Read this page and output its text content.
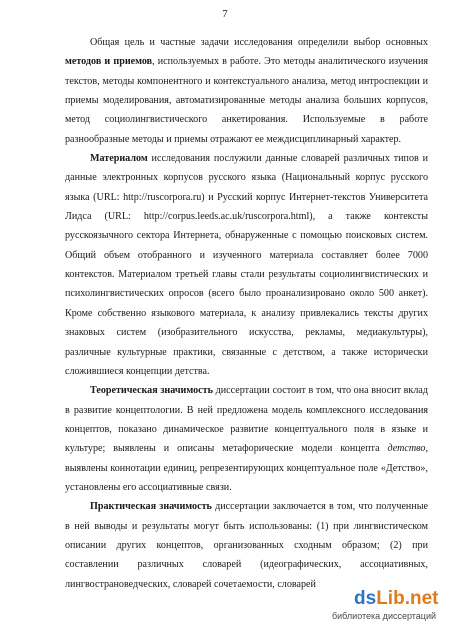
7

Общая цель и частные задачи исследования определили выбор основных методов и приемов, используемых в работе. Это методы аналитического изучения текстов, методы компонентного и контекстуального анализа, метод интроспекции и приемы моделирования, автоматизированные методы анализа больших корпусов, метод социолингвистического анкетирования. Используемые в работе разнообразные методы и приемы отражают ее междисциплинарный характер.

Материалом исследования послужили данные словарей различных типов и данные электронных корпусов русского языка (Национальный корпус русского языка (URL: http://ruscorpora.ru) и Русский корпус Интернет-текстов Университета Лидса (URL: http://corpus.leeds.ac.uk/ruscorpora.html), а также контексты русскоязычного сектора Интернета, обнаруженные с помощью поисковых систем. Общий объем отобранного и изученного материала составляет более 7000 контекстов. Материалом третьей главы стали результаты социолингвистических и психолингвистических опросов (всего было проанализировано около 500 анкет). Кроме собственно языкового материала, к анализу привлекались тексты других знаковых систем (изобразительного искусства, рекламы, медиакультуры), различные культурные практики, связанные с детством, а также исторически сложившиеся концепции детства.

Теоретическая значимость диссертации состоит в том, что она вносит вклад в развитие концептологии. В ней предложена модель комплексного исследования концептов, показано динамическое развитие концептуального поля в языке и культуре; выявлены и описаны метафорические модели концепта детство, выявлены коннотации единиц, репрезентирующих концептуальное поле «Детство», установлены его ассоциативные связи.

Практическая значимость диссертации заключается в том, что полученные в ней выводы и результаты могут быть использованы: (1) при лингвистическом описании других концептов, организованных сходным образом; (2) при составлении различных словарей (идеографических, ассоциативных, лингвострановедческих, словарей сочетаемости, словарей

dsLib.net
библиотека диссертаций
